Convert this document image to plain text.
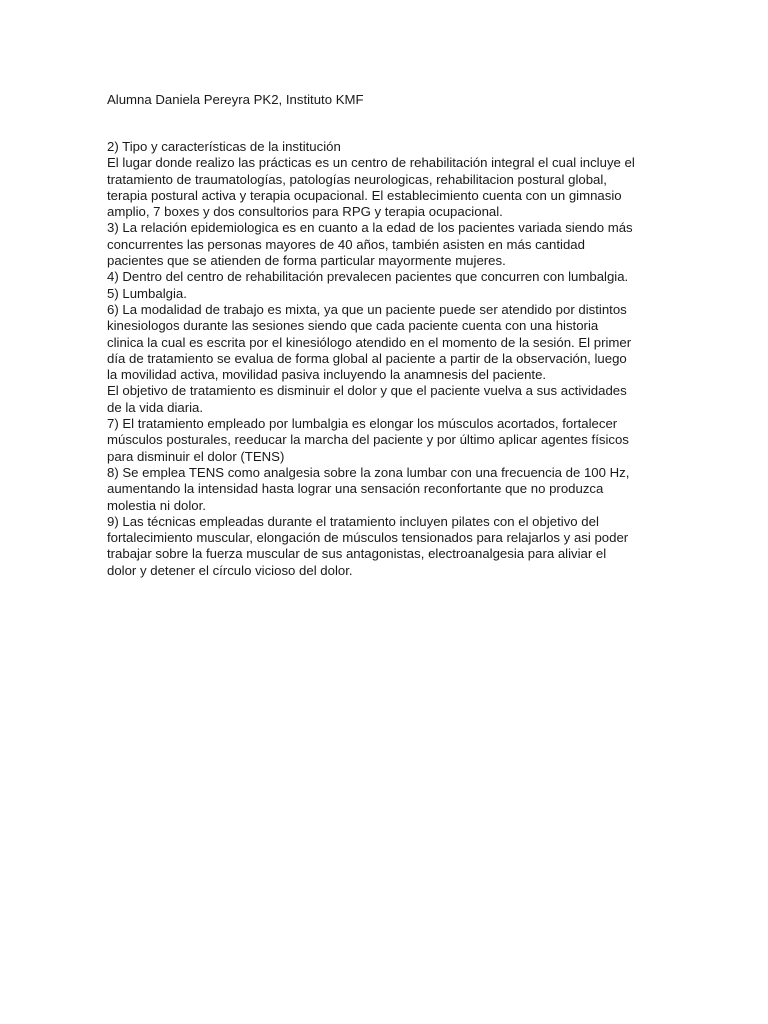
Alumna Daniela Pereyra PK2, Instituto KMF

2) Tipo y características de la institución
El lugar donde realizo las prácticas es un centro de rehabilitación integral el cual incluye el
tratamiento de traumatologías, patologías neurologicas, rehabilitacion postural global,
terapia postural activa y terapia ocupacional. El establecimiento cuenta con un gimnasio
amplio, 7 boxes y dos consultorios para RPG y terapia ocupacional.
3) La relación epidemiologica es en cuanto a la edad de los pacientes variada siendo más
concurrentes las personas mayores de 40 años, también asisten en más cantidad
pacientes que se atienden de forma particular mayormente mujeres.
4) Dentro del centro de rehabilitación prevalecen pacientes que concurren con lumbalgia.
5) Lumbalgia.
6) La modalidad de trabajo es mixta, ya que un paciente puede ser atendido por distintos
kinesiologos durante las sesiones siendo que cada paciente cuenta con una historia
clinica la cual es escrita por el kinesiólogo atendido en el momento de la sesión. El primer
día de tratamiento se evalua de forma global al paciente a partir de la observación, luego
la movilidad activa, movilidad pasiva incluyendo la anamnesis del paciente.
El objetivo de tratamiento es disminuir el dolor y que el paciente vuelva a sus actividades
de la vida diaria.
7) El tratamiento empleado por lumbalgia es elongar los músculos acortados, fortalecer
músculos posturales, reeducar la marcha del paciente y por último aplicar agentes físicos
para disminuir el dolor (TENS)
8) Se emplea TENS como analgesia sobre la zona lumbar con una frecuencia de 100 Hz,
aumentando la intensidad hasta lograr una sensación reconfortante que no produzca
molestia ni dolor.
9) Las técnicas empleadas durante el tratamiento incluyen pilates con el objetivo del
fortalecimiento muscular, elongación de músculos tensionados para relajarlos y asi poder
trabajar sobre la fuerza muscular de sus antagonistas, electroanalgesia para aliviar el
dolor y detener el círculo vicioso del dolor.
